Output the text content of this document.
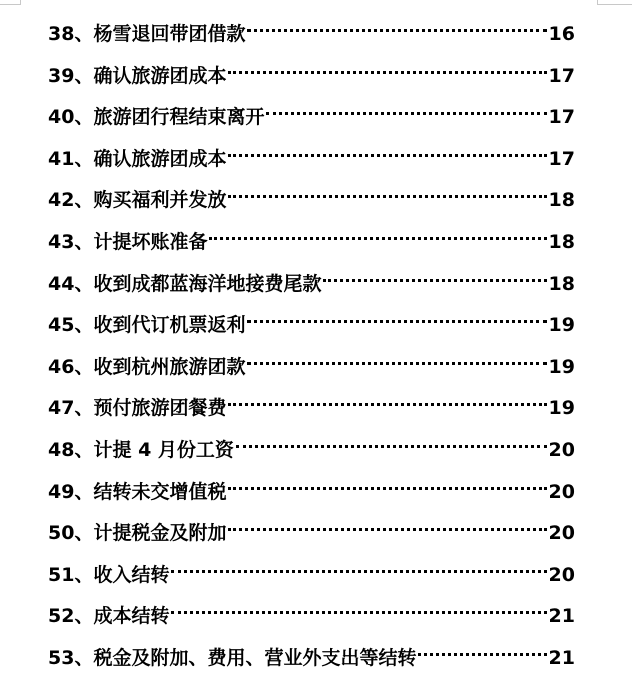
38 、 杨雪退回带团借款	16
39 、 确认旅游团成本	17
40 、 旅游团行程结束离开	17
41 、 确认旅游团成本	17
42 、 购买福利并发放	18
43 、 计提坏账准备	18
44 、 收到成都蓝海洋地接费尾款	18
45 、 收到代订机票返利	19
46 、 收到杭州旅游团款	19
47 、 预付旅游团餐费	19
48 、 计提 4 月份工资	20
49 、 结转未交增值税	20
50 、 计提税金及附加	20
51 、 收入结转	20
52 、 成本结转	21
53 、 税金及附加、费用、营业外支出等结转	21
